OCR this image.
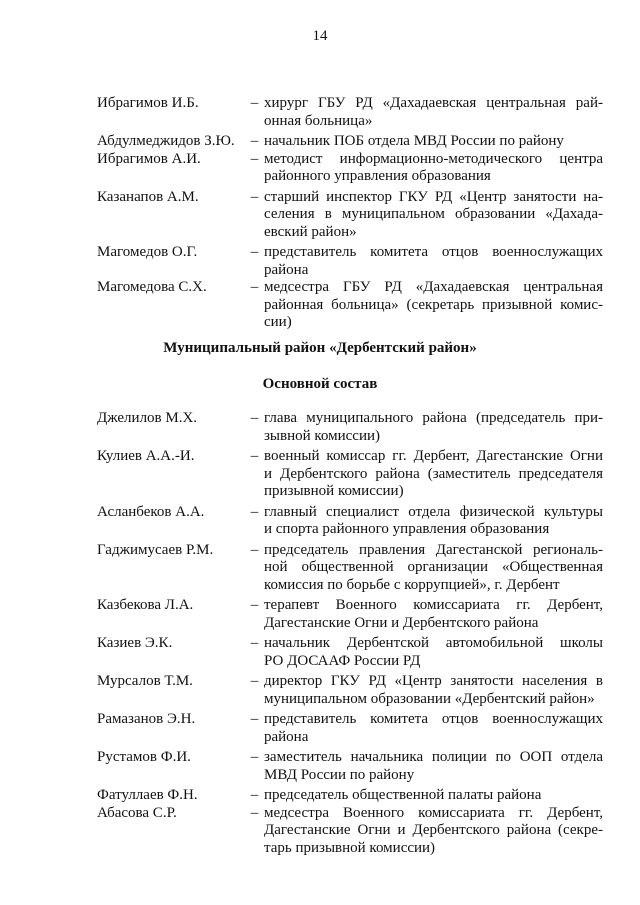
14
Ибрагимов И.Б.	– хирург ГБУ РД «Дахадаевская центральная рай-
онная больница»
Абдулмеджидов З.Ю.	– начальник ПОБ отдела МВД России по району
Ибрагимов А.И.	– методист информационно-методического центра
районного управления образования
Казанапов А.М.	– старший инспектор ГКУ РД «Центр занятости на-
селения в муниципальном образовании «Дахада-
евский район»
Магомедов О.Г.	– представитель комитета отцов военнослужащих
района
Магомедова С.Х.	– медсестра ГБУ РД «Дахадаевская центральная
районная больница» (секретарь призывной комис-
сии)
Муниципальный район «Дербентский район»
Основной состав
Джелилов М.Х.	– глава муниципального района (председатель при-
зывной комиссии)
Кулиев А.А.-И.	– военный комиссар гг. Дербент, Дагестанские Огни
и Дербентского района (заместитель председателя
призывной комиссии)
Асланбеков А.А.	– главный специалист отдела физической культуры
и спорта районного управления образования
Гаджимусаев Р.М.	– председатель правления Дагестанской региональ-
ной общественной организации «Общественная
комиссия по борьбе с коррупцией», г. Дербент
Казбекова Л.А.	– терапевт Военного комиссариата гг. Дербент,
Дагестанские Огни и Дербентского района
Казиев Э.К.	– начальник Дербентской автомобильной школы
РО ДОСААФ России РД
Мурсалов Т.М.	– директор ГКУ РД «Центр занятости населения в
муниципальном образовании «Дербентский район»
Рамазанов Э.Н.	– представитель комитета отцов военнослужащих
района
Рустамов Ф.И.	– заместитель начальника полиции по ООП отдела
МВД России по району
Фатуллаев Ф.Н.	– председатель общественной палаты района
Абасова С.Р.	– медсестра Военного комиссариата гг. Дербент,
Дагестанские Огни и Дербентского района (секре-
тарь призывной комиссии)
